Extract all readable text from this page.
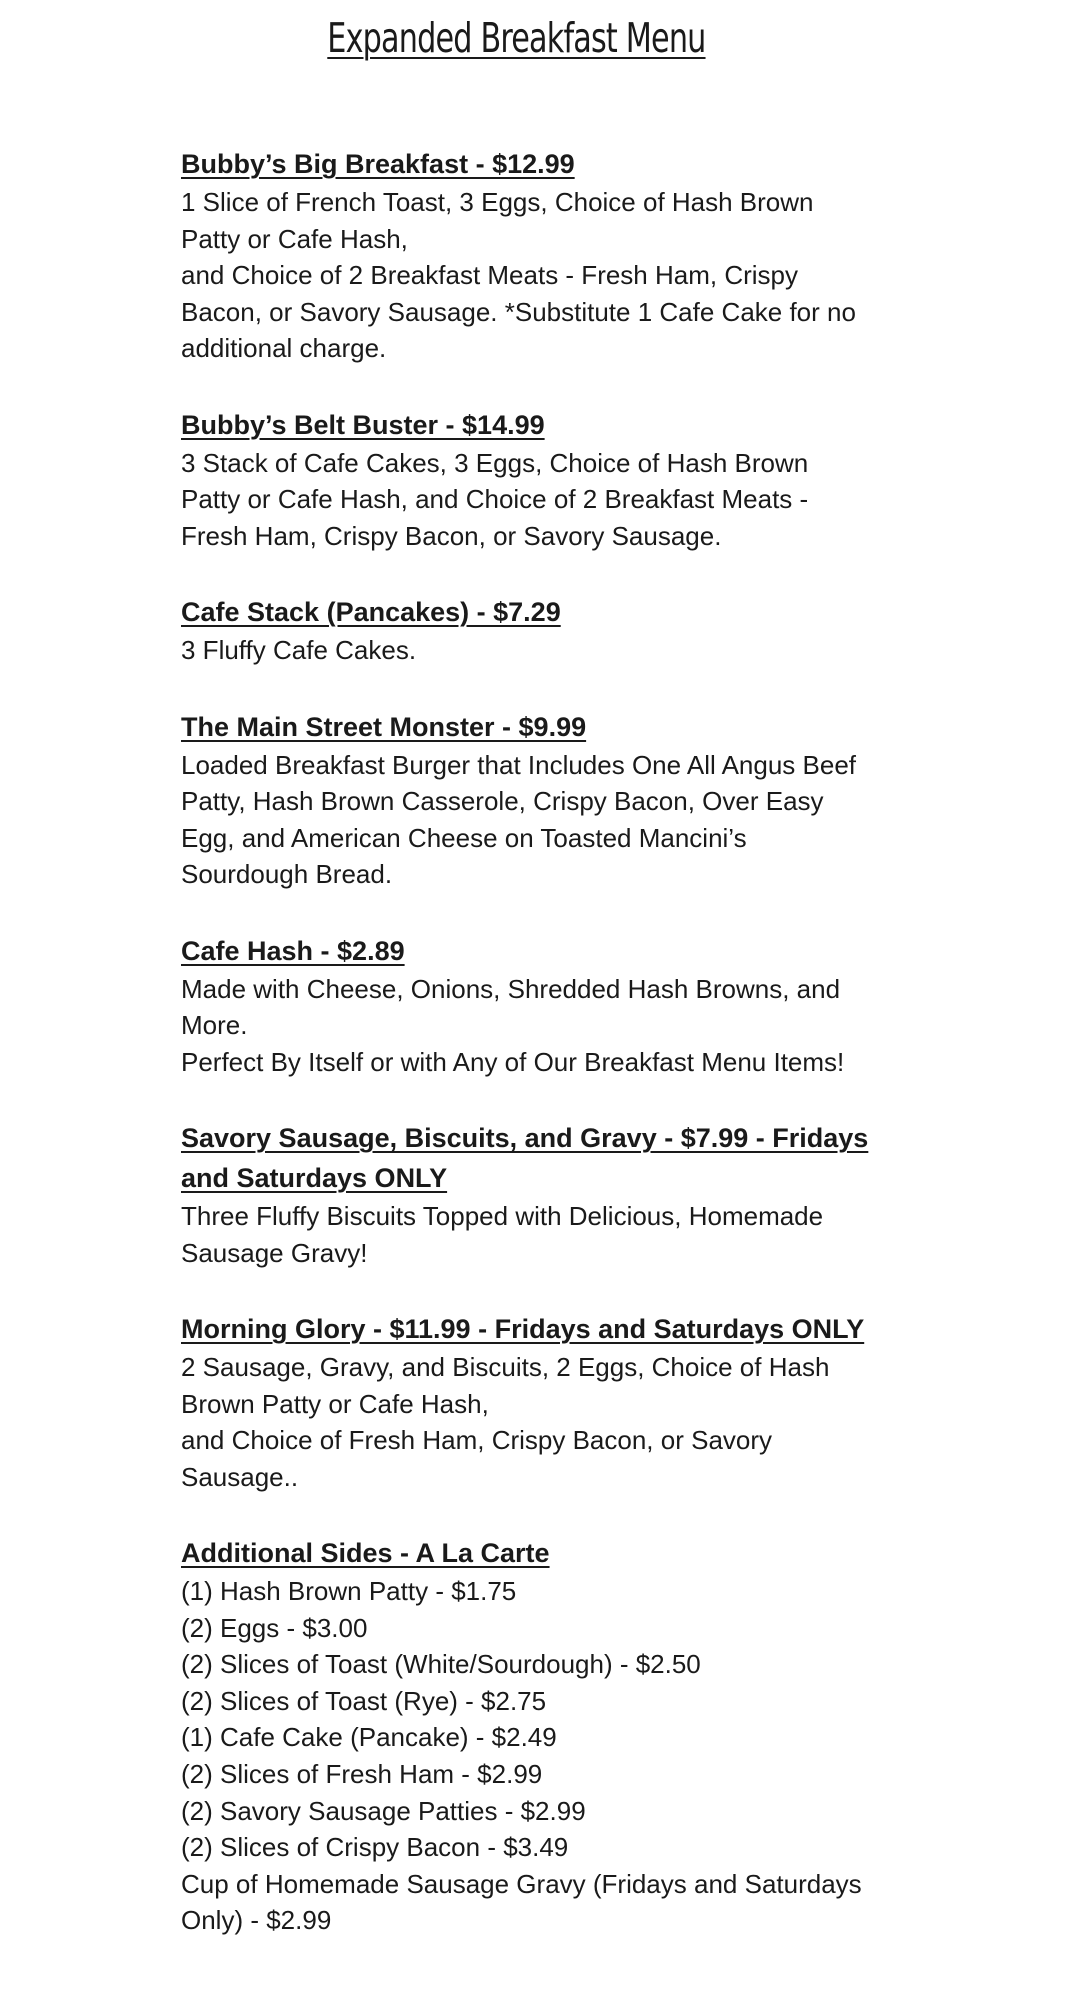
Expanded Breakfast Menu

Bubby’s Big Breakfast - $12.99

1 Slice of French Toast, 3 Eggs, Choice of Hash Brown Patty or Cafe Hash,

and Choice of 2 Breakfast Meats - Fresh Ham, Crispy Bacon, or Savory Sausage. *Substitute 1 Cafe Cake for no additional charge.

Bubby’s Belt Buster - $14.99

3 Stack of Cafe Cakes, 3 Eggs, Choice of Hash Brown Patty or Cafe Hash, and Choice of 2 Breakfast Meats - Fresh Ham, Crispy Bacon, or Savory Sausage.

Cafe Stack (Pancakes) - $7.29

3 Fluffy Cafe Cakes.

The Main Street Monster - $9.99

Loaded Breakfast Burger that Includes One All Angus Beef Patty, Hash Brown Casserole, Crispy Bacon, Over Easy Egg, and American Cheese on Toasted Mancini’s Sourdough Bread.

Cafe Hash - $2.89

Made with Cheese, Onions, Shredded Hash Browns, and More.

Perfect By Itself or with Any of Our Breakfast Menu Items!

Savory Sausage, Biscuits, and Gravy - $7.99 - Fridays and Saturdays ONLY

Three Fluffy Biscuits Topped with Delicious, Homemade Sausage Gravy!

Morning Glory - $11.99 - Fridays and Saturdays ONLY

2 Sausage, Gravy, and Biscuits, 2 Eggs, Choice of Hash Brown Patty or Cafe Hash,

and Choice of Fresh Ham, Crispy Bacon, or Savory Sausage..

Additional Sides - A La Carte

(1) Hash Brown Patty - $1.75

(2) Eggs - $3.00

(2) Slices of Toast (White/Sourdough) - $2.50

(2) Slices of Toast (Rye) - $2.75

(1) Cafe Cake (Pancake) - $2.49

(2) Slices of Fresh Ham - $2.99

(2) Savory Sausage Patties - $2.99

(2) Slices of Crispy Bacon - $3.49

Cup of Homemade Sausage Gravy (Fridays and Saturdays Only) - $2.99
